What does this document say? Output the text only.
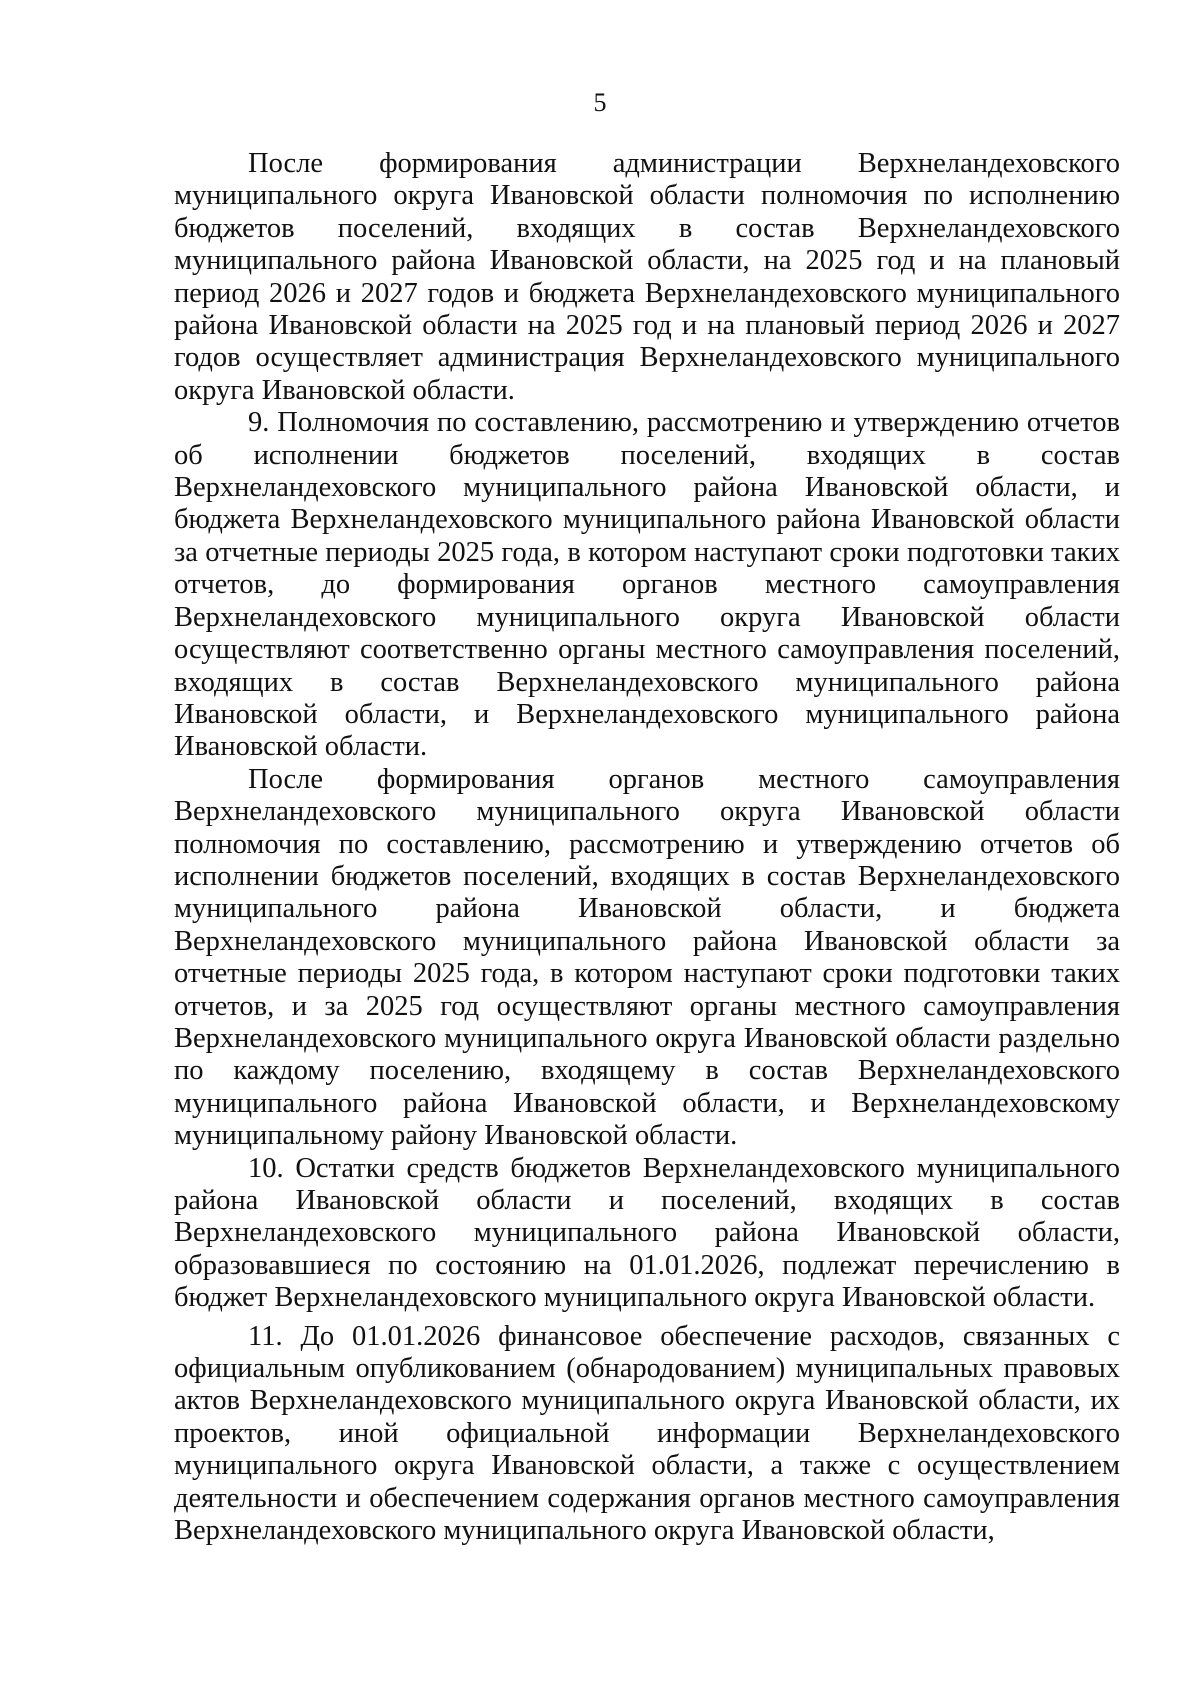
5

После формирования администрации Верхнеландеховского муниципального округа Ивановской области полномочия по исполнению бюджетов поселений, входящих в состав Верхнеландеховского муниципального района Ивановской области, на 2025 год и на плановый период 2026 и 2027 годов и бюджета Верхнеландеховского муниципального района Ивановской области на 2025 год и на плановый период 2026 и 2027 годов осуществляет администрация Верхнеландеховского муниципального округа Ивановской области.

9. Полномочия по составлению, рассмотрению и утверждению отчетов об исполнении бюджетов поселений, входящих в состав Верхнеландеховского муниципального района Ивановской области, и бюджета Верхнеландеховского муниципального района Ивановской области за отчетные периоды 2025 года, в котором наступают сроки подготовки таких отчетов, до формирования органов местного самоуправления Верхнеландеховского муниципального округа Ивановской области осуществляют соответственно органы местного самоуправления поселений, входящих в состав Верхнеландеховского муниципального района Ивановской области, и Верхнеландеховского муниципального района Ивановской области.

После формирования органов местного самоуправления Верхнеландеховского муниципального округа Ивановской области полномочия по составлению, рассмотрению и утверждению отчетов об исполнении бюджетов поселений, входящих в состав Верхнеландеховского муниципального района Ивановской области, и бюджета Верхнеландеховского муниципального района Ивановской области за отчетные периоды 2025 года, в котором наступают сроки подготовки таких отчетов, и за 2025 год осуществляют органы местного самоуправления Верхнеландеховского муниципального округа Ивановской области раздельно по каждому поселению, входящему в состав Верхнеландеховского муниципального района Ивановской области, и Верхнеландеховскому муниципальному району Ивановской области.

10. Остатки средств бюджетов Верхнеландеховского муниципального района Ивановской области и поселений, входящих в состав Верхнеландеховского муниципального района Ивановской области, образовавшиеся по состоянию на 01.01.2026, подлежат перечислению в бюджет Верхнеландеховского муниципального округа Ивановской области.

11. До 01.01.2026 финансовое обеспечение расходов, связанных с официальным опубликованием (обнародованием) муниципальных правовых актов Верхнеландеховского муниципального округа Ивановской области, их проектов, иной официальной информации Верхнеландеховского муниципального округа Ивановской области, а также с осуществлением деятельности и обеспечением содержания органов местного самоуправления Верхнеландеховского муниципального округа Ивановской области,
